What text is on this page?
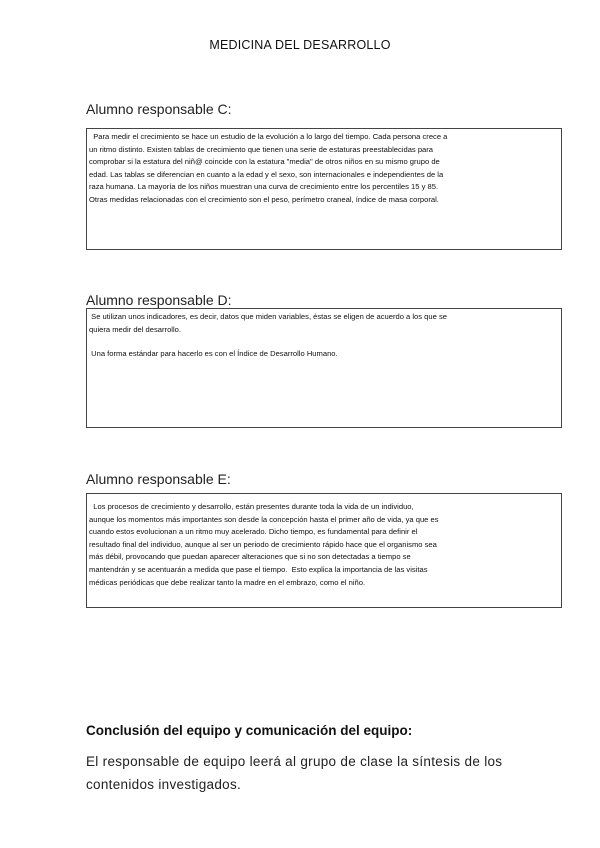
MEDICINA DEL DESARROLLO
Alumno responsable C:

Para medir el crecimiento se hace un estudio de la evolución a lo largo del tiempo. Cada persona crece a

un ritmo distinto. Existen tablas de crecimiento que tienen una serie de estaturas preestablecidas para

comprobar si la estatura del niñ@ coincide con la estatura "media" de otros niños en su mismo grupo de

edad. Las tablas se diferencian en cuanto a la edad y el sexo, son internacionales e independientes de la

raza humana. La mayoría de los niños muestran una curva de crecimiento entre los percentiles 15 y 85.

Otras medidas relacionadas con el crecimiento son el peso, perímetro craneal, índice de masa corporal.

Alumno responsable D:

Se utilizan unos indicadores, es decir, datos que miden variables, éstas se eligen de acuerdo a los que se

quiera medir del desarrollo.

Una forma estándar para hacerlo es con el Índice de Desarrollo Humano.

Alumno responsable E:

Los procesos de crecimiento y desarrollo, están presentes durante toda la vida de un individuo,

aunque los momentos más importantes son desde la concepción hasta el primer año de vida, ya que es

cuando estos evolucionan a un ritmo muy acelerado. Dicho tiempo, es fundamental para definir el

resultado final del individuo, aunque al ser un periodo de crecimiento rápido hace que el organismo sea

más débil, provocando que puedan aparecer alteraciones que si no son detectadas a tiempo se

mantendrán y se acentuarán a medida que pase el tiempo.  Esto explica la importancia de las visitas

médicas periódicas que debe realizar tanto la madre en el embrazo, como el niño.

Conclusión del equipo y comunicación del equipo:
El responsable de equipo leerá al grupo de clase la síntesis de los
contenidos investigados.
